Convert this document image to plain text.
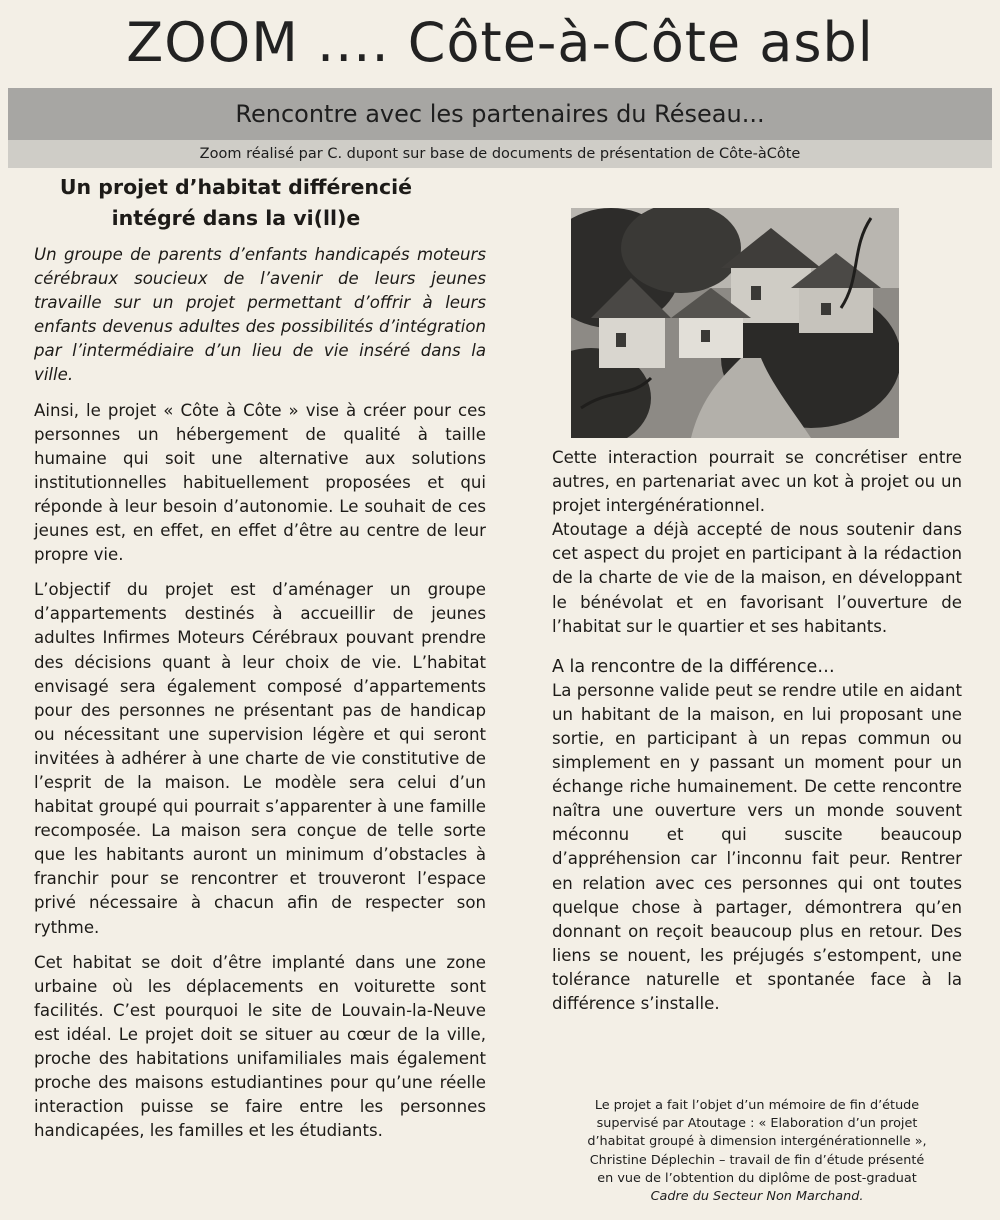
ZOOM .... Côte-à-Côte asbl
Rencontre avec les partenaires du Réseau...
Zoom réalisé par C. dupont sur base de documents de présentation de Côte-àCôte
Un projet d’habitat différencié
intégré dans la vi(ll)e

Un groupe de parents d’enfants handicapés moteurs cérébraux soucieux de l’avenir de leurs jeunes travaille sur un projet permettant d’offrir à leurs enfants devenus adultes des possibilités d’intégration par l’intermédiaire d’un lieu de vie inséré dans la ville.

Ainsi, le projet « Côte à Côte » vise à créer pour ces personnes un hébergement de qualité à taille humaine qui soit une alternative aux solutions institutionnelles habituellement proposées et qui réponde à leur besoin d’autonomie. Le souhait de ces jeunes est, en effet, en effet d’être au centre de leur propre vie.

L’objectif du projet est d’aménager un groupe d’appartements destinés à accueillir de jeunes adultes Infirmes Moteurs Cérébraux pouvant prendre des décisions quant à leur choix de vie. L’habitat envisagé sera également composé d’appartements pour des personnes ne présentant pas de handicap ou nécessitant une supervision légère et qui seront invitées à adhérer à une charte de vie constitutive de l’esprit de la maison. Le modèle sera celui d’un habitat groupé qui pourrait s’apparenter à une famille recomposée. La maison sera conçue de telle sorte que les habitants auront un minimum d’obstacles à franchir pour se rencontrer et trouveront l’espace privé nécessaire à chacun afin de respecter son rythme.

Cet habitat se doit d’être implanté dans une zone urbaine où les déplacements en voiturette sont facilités. C’est pourquoi le site de Louvain-la-Neuve est idéal. Le projet doit se situer au cœur de la ville, proche des habitations unifamiliales mais également proche des maisons estudiantines pour qu’une réelle interaction puisse se faire entre les personnes handicapées, les familles et les étudiants.

Cette interaction pourrait se concrétiser entre autres, en partenariat avec un kot à projet ou un projet intergénérationnel.

Atoutage a déjà accepté de nous soutenir dans cet aspect du projet en participant à la rédaction de la charte de vie de la maison, en développant le bénévolat et en favorisant l’ouverture de l’habitat sur le quartier et ses habitants.

A la rencontre de la différence…

La personne valide peut se rendre utile en aidant un habitant de la maison, en lui proposant une sortie, en participant à un repas commun ou simplement en y passant un moment pour un échange riche humainement. De cette rencontre naîtra une ouverture vers un monde souvent méconnu et qui suscite beaucoup d’appréhension car l’inconnu fait peur. Rentrer en relation avec ces personnes qui ont toutes quelque chose à partager, démontrera qu’en donnant on reçoit beaucoup plus en retour. Des liens se nouent, les préjugés s’estompent, une tolérance naturelle et spontanée face à la différence s’installe.

Le projet a fait l’objet d’un mémoire de fin d’étude
supervisé par Atoutage : « Elaboration d’un projet
d’habitat groupé à dimension intergénérationnelle »,
Christine Déplechin – travail de fin d’étude présenté
en vue de l’obtention du diplôme de post-graduat
Cadre du Secteur Non Marchand.
